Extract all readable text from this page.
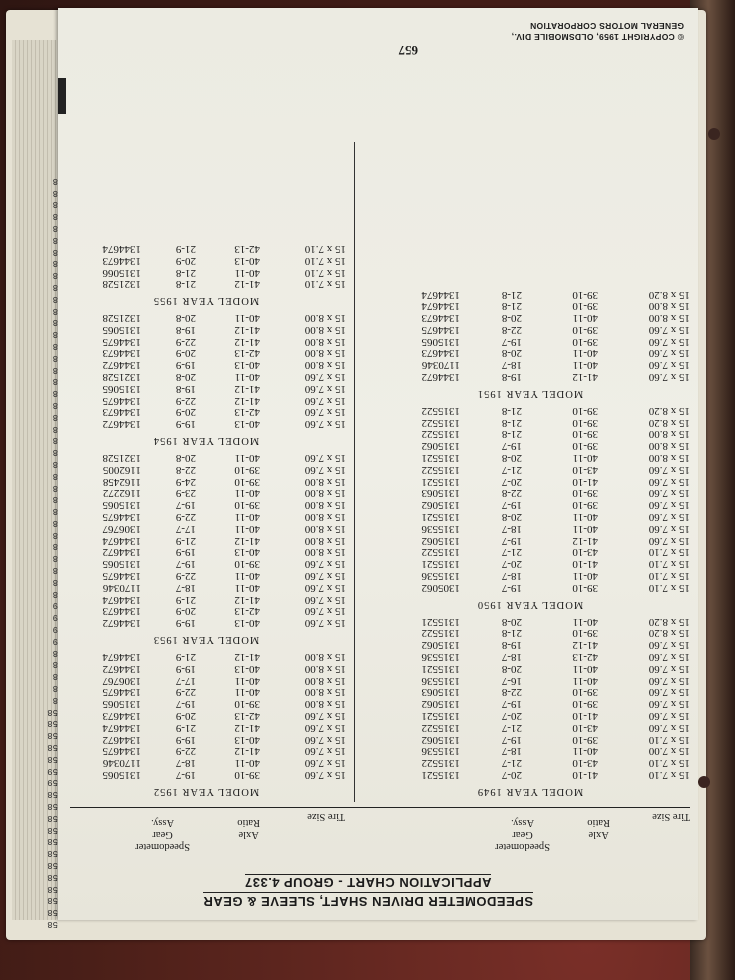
58
58
58
58
58
58
58
58
58
58
58
58
59
59
58
58
58
58
58
8
8
8
8
8
9
9
9
9
8
8
8
8
8
8
8
8
8
8
8
8
8
8
8
8
8
8
8
8
8
8
8
8
8
8
8
8
8
8
8
8
8
8
8
8
© COPYRIGHT 1959, OLDSMOBILE DIV.,
GENERAL MOTORS CORPORATION
657
SPEEDOMETER DRIVEN SHAFT, SLEEVE & GEAR
APPLICATION CHART - GROUP 4.337
Tire Size
Axle
Ratio
Speedometer
Gear
Assy.
Tire Size
Axle
Ratio
Speedometer
Gear
Assy.
MODEL YEAR 1949
15 x 7.10
41-10
20-7
1315521
15 x 7.10
43-10
21-7
1315522
15 x 7.00
40-11
18-7
1315536
15 x 7.10
39-10
19-7
1315062
15 x 7.60
43-10
21-7
1315522
15 x 7.60
41-10
20-7
1315521
15 x 7.60
39-10
19-7
1315062
15 x 7.60
39-10
22-8
1315063
15 x 7.60
40-11
16-7
1315536
15 x 7.60
40-11
20-8
1315521
15 x 7.60
42-13
18-7
1315536
15 x 7.60
41-12
19-8
1315062
15 x 8.20
39-10
21-8
1315522
15 x 8.20
40-11
20-8
1315521
MODEL YEAR 1950
15 x 7.10
39-10
19-7
1305062
15 x 7.10
40-11
18-7
1315536
15 x 7.10
41-10
20-7
1315521
15 x 7.10
43-10
21-7
1315522
15 x 7.60
41-12
19-7
1315062
15 x 7.60
40-11
18-7
1315536
15 x 7.60
40-11
20-8
1315521
15 x 7.60
39-10
19-7
1315062
15 x 7.60
39-10
22-8
1315063
15 x 7.60
41-10
20-7
1315521
15 x 7.60
43-10
21-7
1315522
15 x 8.00
40-11
20-8
1315521
15 x 8.00
39-10
19-7
1315062
15 x 8.00
39-10
21-8
1315522
15 x 8.20
39-10
21-8
1315522
15 x 8.20
39-10
21-8
1315522
MODEL YEAR 1951
15 x 7.60
41-12
19-8
1344672
15 x 7.60
40-11
18-7
1170346
15 x 7.60
40-11
20-8
1344673
15 x 7.60
39-10
19-7
1315065
15 x 7.60
39-10
22-8
1344675
15 x 8.00
40-11
20-8
1344673
15 x 8.00
39-10
21-8
1344674
15 x 8.20
39-10
21-8
1344674
MODEL YEAR 1952
15 x 7.60
39-10
19-7
1315065
15 x 7.60
40-11
18-7
1170346
15 x 7.60
41-12
22-9
1344675
15 x 7.60
40-13
19-9
1344672
15 x 7.60
41-12
21-9
1344674
15 x 7.60
42-13
20-9
1344673
15 x 8.00
39-10
19-7
1315065
15 x 8.00
40-11
22-9
1344675
15 x 8.00
40-11
17-7
1306767
15 x 8.00
40-13
19-9
1344672
15 x 8.00
41-12
21-9
1344674
MODEL YEAR 1953
15 x 7.60
40-13
19-9
1344672
15 x 7.60
42-13
20-9
1344673
15 x 7.60
41-12
21-9
1344674
15 x 7.60
40-11
18-7
1170346
15 x 7.60
40-11
22-9
1344675
15 x 7.60
39-10
19-7
1315065
15 x 8.00
40-13
19-9
1344672
15 x 8.00
41-12
21-9
1344674
15 x 8.00
40-11
17-7
1306767
15 x 8.00
40-11
22-9
1344675
15 x 8.00
39-10
19-7
1315065
15 x 8.00
40-11
23-9
1162272
15 x 8.00
39-10
24-9
1162458
15 x 7.60
39-10
22-8
1162005
15 x 7.60
40-11
20-8
1321528
MODEL YEAR 1954
15 x 7.60
40-13
19-9
1344672
15 x 7.60
42-13
20-9
1344673
15 x 7.60
41-12
22-9
1344675
15 x 7.60
41-12
19-8
1315065
15 x 7.60
40-11
20-8
1321528
15 x 8.00
40-13
19-9
1344672
15 x 8.00
42-13
20-9
1344673
15 x 8.00
41-12
22-9
1344675
15 x 8.00
41-12
19-8
1315065
15 x 8.00
40-11
20-8
1321528
MODEL YEAR 1955
15 x 7.10
41-12
21-8
1321528
15 x 7.10
40-11
21-8
1315066
15 x 7.10
40-13
20-9
1344673
15 x 7.10
42-13
21-9
1344674
